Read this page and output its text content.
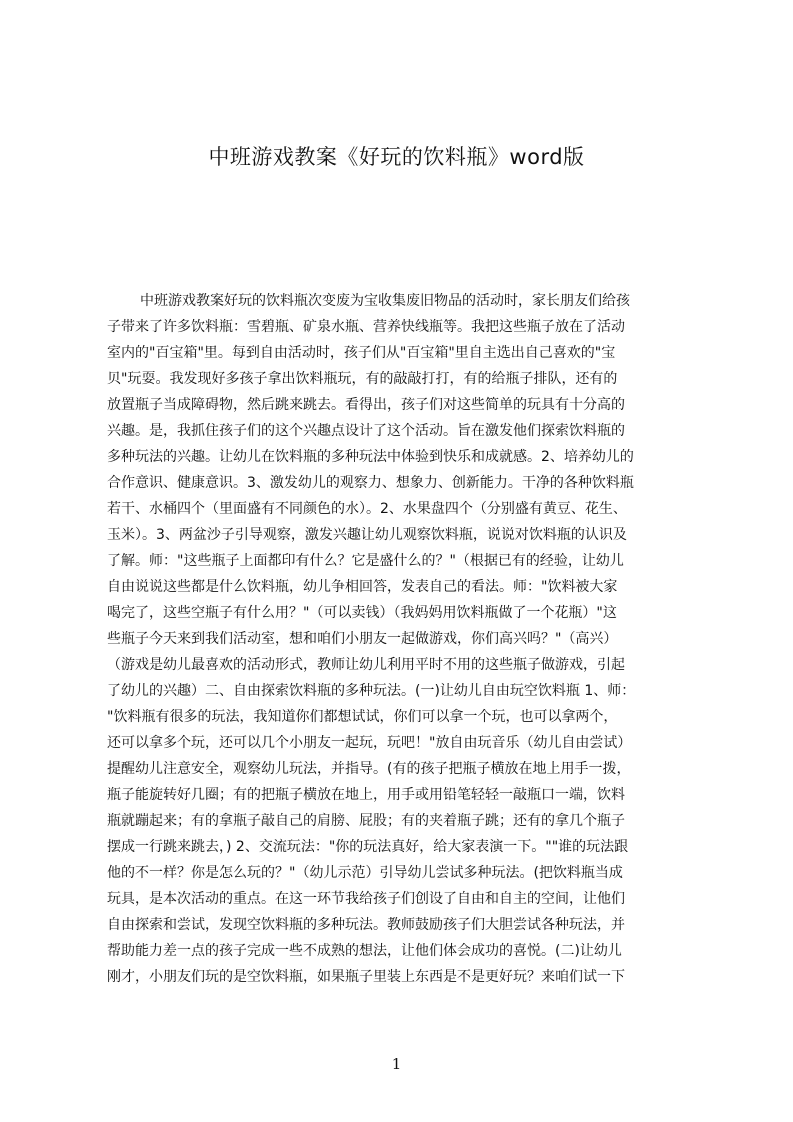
中班游戏教案《好玩的饮料瓶》word版
中班游戏教案好玩的饮料瓶次变废为宝收集废旧物品的活动时，家长朋友们给孩
子带来了许多饮料瓶：雪碧瓶、矿泉水瓶、营养快线瓶等。我把这些瓶子放在了活动
室内的"百宝箱"里。每到自由活动时，孩子们从"百宝箱"里自主选出自己喜欢的"宝
贝"玩耍。我发现好多孩子拿出饮料瓶玩，有的敲敲打打，有的给瓶子排队，还有的
放置瓶子当成障碍物，然后跳来跳去。看得出，孩子们对这些简单的玩具有十分高的
兴趣。是，我抓住孩子们的这个兴趣点设计了这个活动。旨在激发他们探索饮料瓶的
多种玩法的兴趣。让幼儿在饮料瓶的多种玩法中体验到快乐和成就感。2、培养幼儿的
合作意识、健康意识。3、激发幼儿的观察力、想象力、创新能力。干净的各种饮料瓶
若干、水桶四个（里面盛有不同颜色的水）。2、水果盘四个（分别盛有黄豆、花生、
玉米）。3、两盆沙子引导观察，激发兴趣让幼儿观察饮料瓶，说说对饮料瓶的认识及
了解。师："这些瓶子上面都印有什么？它是盛什么的？"（根据已有的经验，让幼儿
自由说说这些都是什么饮料瓶，幼儿争相回答，发表自己的看法。师："饮料被大家
喝完了，这些空瓶子有什么用？"（可以卖钱）（我妈妈用饮料瓶做了一个花瓶）"这
些瓶子今天来到我们活动室，想和咱们小朋友一起做游戏，你们高兴吗？"（高兴）
（游戏是幼儿最喜欢的活动形式，教师让幼儿利用平时不用的这些瓶子做游戏，引起
了幼儿的兴趣）二、自由探索饮料瓶的多种玩法。(一)让幼儿自由玩空饮料瓶 1、师：
"饮料瓶有很多的玩法，我知道你们都想试试，你们可以拿一个玩，也可以拿两个，
还可以拿多个玩，还可以几个小朋友一起玩，玩吧！"放自由玩音乐（幼儿自由尝试）
提醒幼儿注意安全，观察幼儿玩法，并指导。(有的孩子把瓶子横放在地上用手一拨，
瓶子能旋转好几圈；有的把瓶子横放在地上，用手或用铅笔轻轻一敲瓶口一端，饮料
瓶就蹦起来；有的拿瓶子敲自己的肩膀、屁股；有的夹着瓶子跳；还有的拿几个瓶子
摆成一行跳来跳去，) 2、交流玩法："你的玩法真好，给大家表演一下。""谁的玩法跟
他的不一样？你是怎么玩的？"（幼儿示范）引导幼儿尝试多种玩法。(把饮料瓶当成
玩具，是本次活动的重点。在这一环节我给孩子们创设了自由和自主的空间，让他们
自由探索和尝试，发现空饮料瓶的多种玩法。教师鼓励孩子们大胆尝试各种玩法，并
帮助能力差一点的孩子完成一些不成熟的想法，让他们体会成功的喜悦。(二)让幼儿
刚才，小朋友们玩的是空饮料瓶，如果瓶子里装上东西是不是更好玩？来咱们试一下
1
